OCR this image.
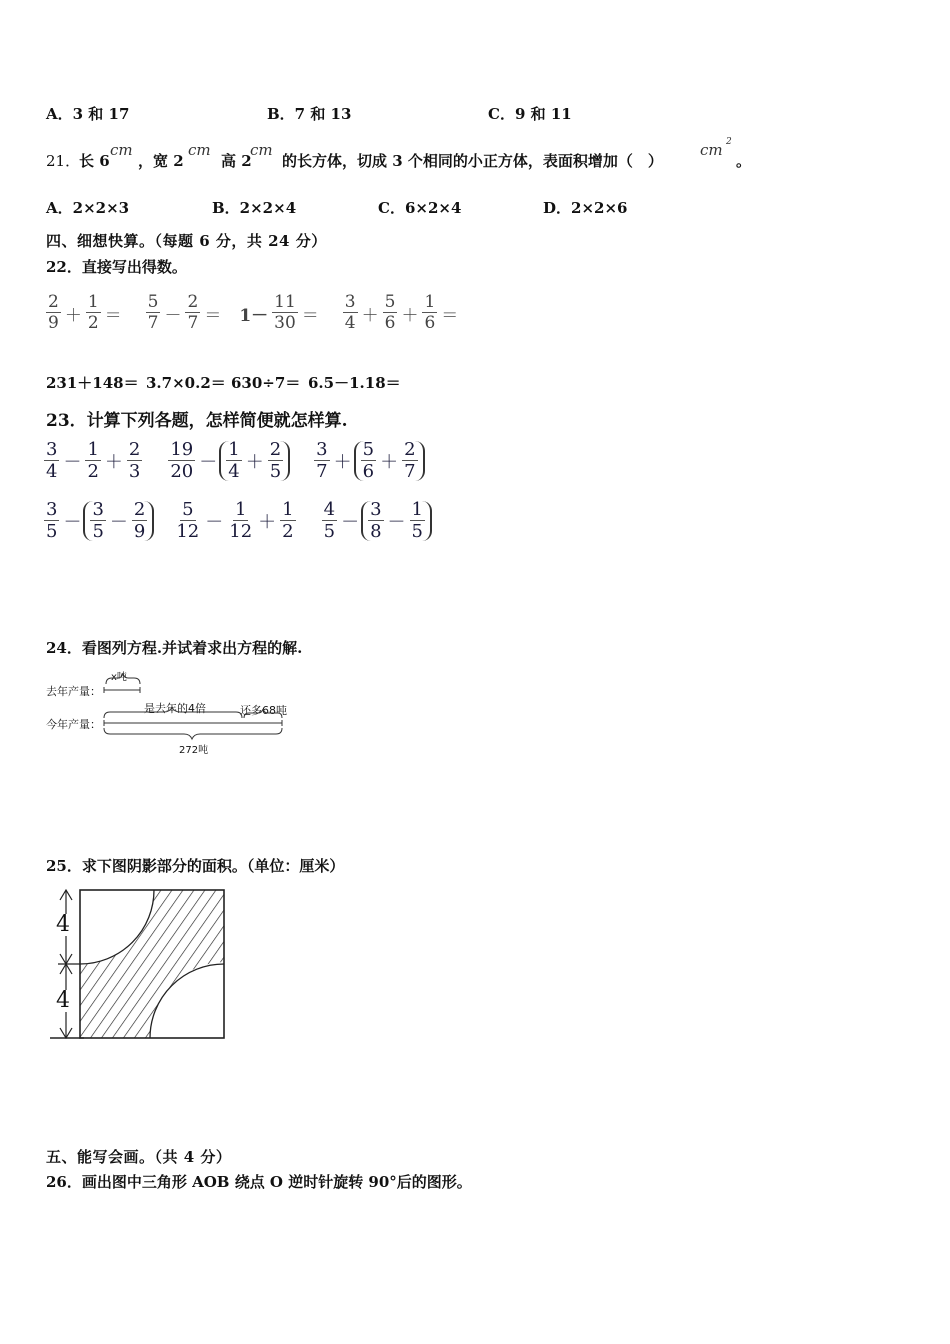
A．3 和 17	B．7 和 13	C．9 和 11
21．
长 6
cm
，宽 2
cm
高 2
cm
的长方体，切成 3 个相同的小正方体，表面积增加（　）
cm 2
。
A．2×2×3	B．2×2×4	C．6×2×4	D．2×2×6
四、细想快算。（每题 6 分，共 24 分）
22．直接写出得数。
$\frac{2}{9} + \frac{1}{2} = \frac{5}{7} - \frac{2}{7} = 1- \frac{11}{30} = \frac{3}{4} + \frac{5}{6} + \frac{1}{6}$ ＝
231＋148＝ 3.7×0.2＝ 630÷7＝ 6.5－1.18＝
23．计算下列各题，怎样简便就怎样算.
$\frac{3}{4} - \frac{1}{2} + \frac{2}{3} \frac{19}{20} - \frac{1}{4} + \frac{2}{5} \frac{3}{7} + \frac{5}{6} + \frac{2}{7}$
$\frac{3}{5} - \frac{3}{5} - \frac{2}{9} \frac{5}{12} - \frac{1}{12} + \frac{1}{2} \frac{4}{5} - \frac{3}{8} - \frac{1}{5}$
24．看图列方程.并试着求出方程的解.
去年产量：
x吨
今年产量：
是去年的4倍	还多68吨
272吨
25．求下图阴影部分的面积。（单位：厘米）
4
4
五、能写会画。（共 4 分）
26．画出图中三角形 AOB 绕点 O 逆时针旋转 90°后的图形。
